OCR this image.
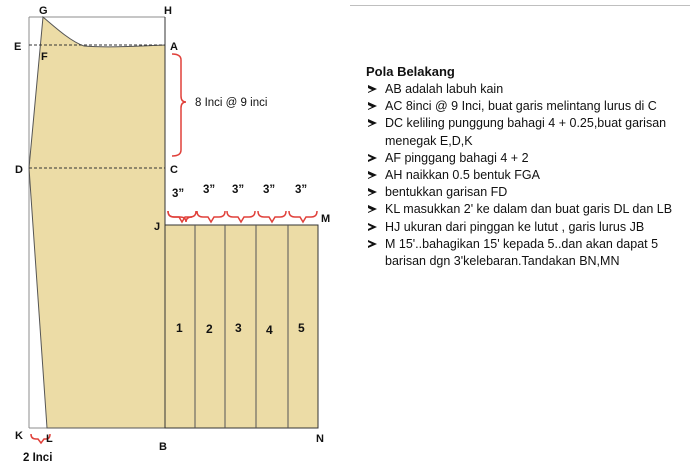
G	H
E
F
A
D	C
J
M
K L
B
N
8 Inci @ 9 inci
2 Inci
3” 3” 3” 3” 3”
1 2 3 4 5
Pola Belakang
AB adalah labuh kain
AC 8inci @ 9 Inci, buat garis melintang lurus di C
DC keliling punggung bahagi 4 + 0.25,buat garisan menegak E,D,K
AF pinggang bahagi 4 + 2
AH naikkan 0.5 bentuk FGA
bentukkan garisan FD
KL masukkan 2' ke dalam dan buat garis DL dan LB
HJ ukuran dari pinggan ke lutut , garis lurus JB
M 15'..bahagikan 15' kepada 5..dan akan dapat 5 barisan dgn 3'kelebaran.Tandakan BN,MN
